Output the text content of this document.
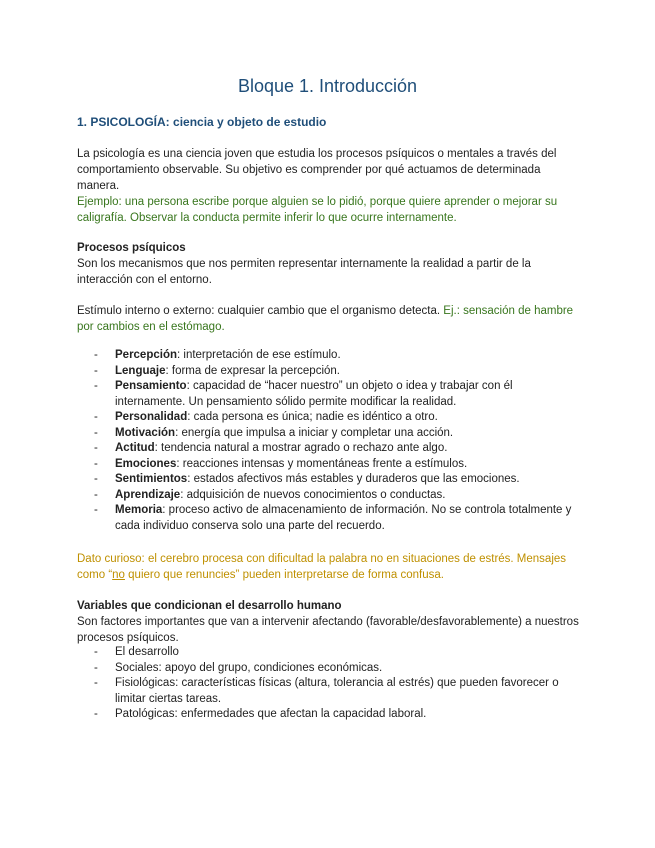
Bloque 1. Introducción

1. PSICOLOGÍA: ciencia y objeto de estudio

La psicología es una ciencia joven que estudia los procesos psíquicos o mentales a través del comportamiento observable. Su objetivo es comprender por qué actuamos de determinada manera.

Ejemplo: una persona escribe porque alguien se lo pidió, porque quiere aprender o mejorar su caligrafía. Observar la conducta permite inferir lo que ocurre internamente.

Procesos psíquicos

Son los mecanismos que nos permiten representar internamente la realidad a partir de la interacción con el entorno.

Estímulo interno o externo: cualquier cambio que el organismo detecta. Ej.: sensación de hambre por cambios en el estómago.

- Percepción: interpretación de ese estímulo.
- Lenguaje: forma de expresar la percepción.
- Pensamiento: capacidad de “hacer nuestro” un objeto o idea y trabajar con él internamente. Un pensamiento sólido permite modificar la realidad.
- Personalidad: cada persona es única; nadie es idéntico a otro.
- Motivación: energía que impulsa a iniciar y completar una acción.
- Actitud: tendencia natural a mostrar agrado o rechazo ante algo.
- Emociones: reacciones intensas y momentáneas frente a estímulos.
- Sentimientos: estados afectivos más estables y duraderos que las emociones.
- Aprendizaje: adquisición de nuevos conocimientos o conductas.
- Memoria: proceso activo de almacenamiento de información. No se controla totalmente y cada individuo conserva solo una parte del recuerdo.

Dato curioso: el cerebro procesa con dificultad la palabra no en situaciones de estrés. Mensajes como “no quiero que renuncies” pueden interpretarse de forma confusa.

Variables que condicionan el desarrollo humano

Son factores importantes que van a intervenir afectando (favorable/desfavorablemente) a nuestros procesos psíquicos.

- El desarrollo
- Sociales: apoyo del grupo, condiciones económicas.
- Fisiológicas: características físicas (altura, tolerancia al estrés) que pueden favorecer o limitar ciertas tareas.
- Patológicas: enfermedades que afectan la capacidad laboral.
